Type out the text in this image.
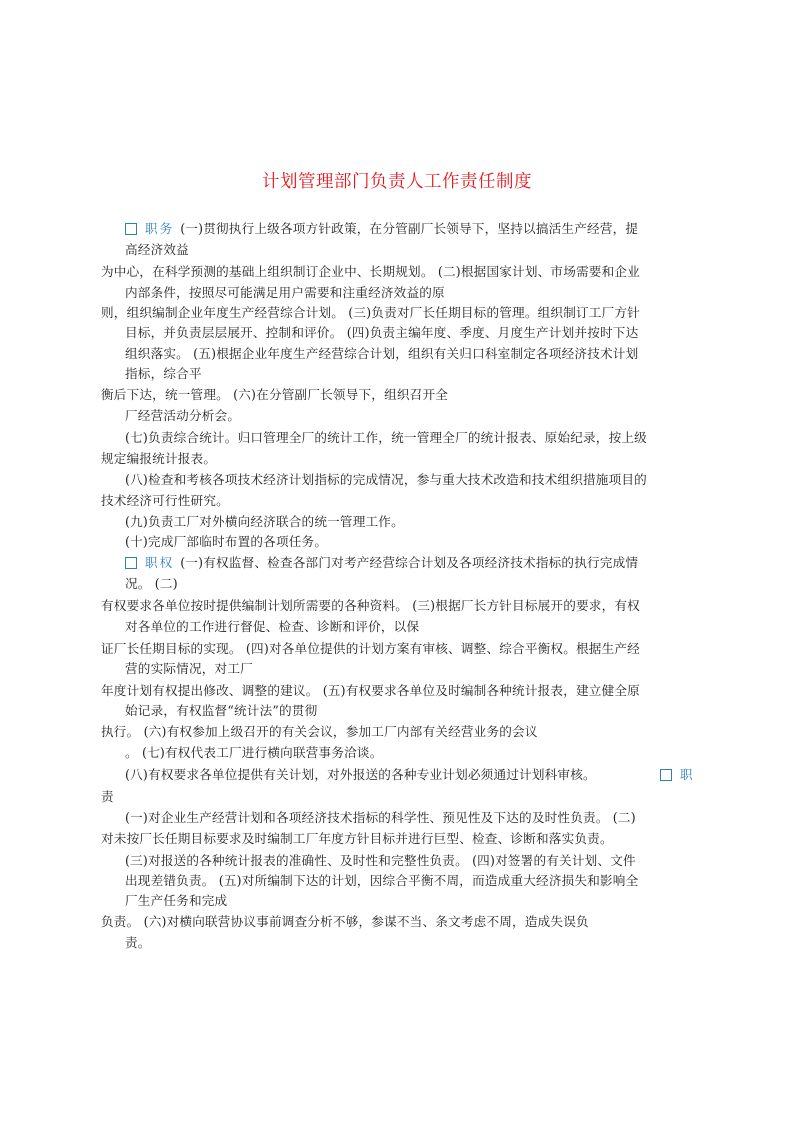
计划管理部门负责人工作责任制度
职务 (一)贯彻执行上级各项方针政策，在分管副厂长领导下，坚持以搞活生产经营，提
高经济效益
为中心，在科学预测的基础上组织制订企业中、长期规划。 (二)根据国家计划、市场需要和企业
内部条件，按照尽可能满足用户需要和注重经济效益的原
则，组织编制企业年度生产经营综合计划。 (三)负责对厂长任期目标的管理。组织制订工厂方针
目标，并负责层层展开、控制和评价。 (四)负责主编年度、季度、月度生产计划并按时下达
组织落实。 (五)根据企业年度生产经营综合计划，组织有关归口科室制定各项经济技术计划
指标，综合平
衡后下达，统一管理。 (六)在分管副厂长领导下，组织召开全
厂经营活动分析会。
(七)负责综合统计。归口管理全厂的统计工作，统一管理全厂的统计报表、原始纪录，按上级
规定编报统计报表。
(八)检查和考核各项技术经济计划指标的完成情况，参与重大技术改造和技术组织措施项目的
技术经济可行性研究。
(九)负责工厂对外横向经济联合的统一管理工作。
(十)完成厂部临时布置的各项任务。
职权 (一)有权监督、检查各部门对考产经营综合计划及各项经济技术指标的执行完成情
况。 (二)
有权要求各单位按时提供编制计划所需要的各种资料。 (三)根据厂长方针目标展开的要求，有权
对各单位的工作进行督促、检查、诊断和评价，以保
证厂长任期目标的实现。 (四)对各单位提供的计划方案有审核、调整、综合平衡权。根据生产经
营的实际情况，对工厂
年度计划有权提出修改、调整的建议。 (五)有权要求各单位及时编制各种统计报表，建立健全原
始记录，有权监督“统计法”的贯彻
执行。 (六)有权参加上级召开的有关会议，参加工厂内部有关经营业务的会议
。 (七)有权代表工厂进行横向联营事务洽谈。
(八)有权要求各单位提供有关计划，对外报送的各种专业计划必须通过计划科审核。
责
(一)对企业生产经营计划和各项经济技术指标的科学性、预见性及下达的及时性负责。 (二)
对未按厂长任期目标要求及时编制工厂年度方针目标并进行巨型、检查、诊断和落实负责。
(三)对报送的各种统计报表的准确性、及时性和完整性负责。 (四)对签署的有关计划、文件
出现差错负责。 (五)对所编制下达的计划，因综合平衡不周，而造成重大经济损失和影响全
厂生产任务和完成
负责。 (六)对横向联营协议事前调查分析不够，参谋不当、条文考虑不周，造成失误负
责。
职
